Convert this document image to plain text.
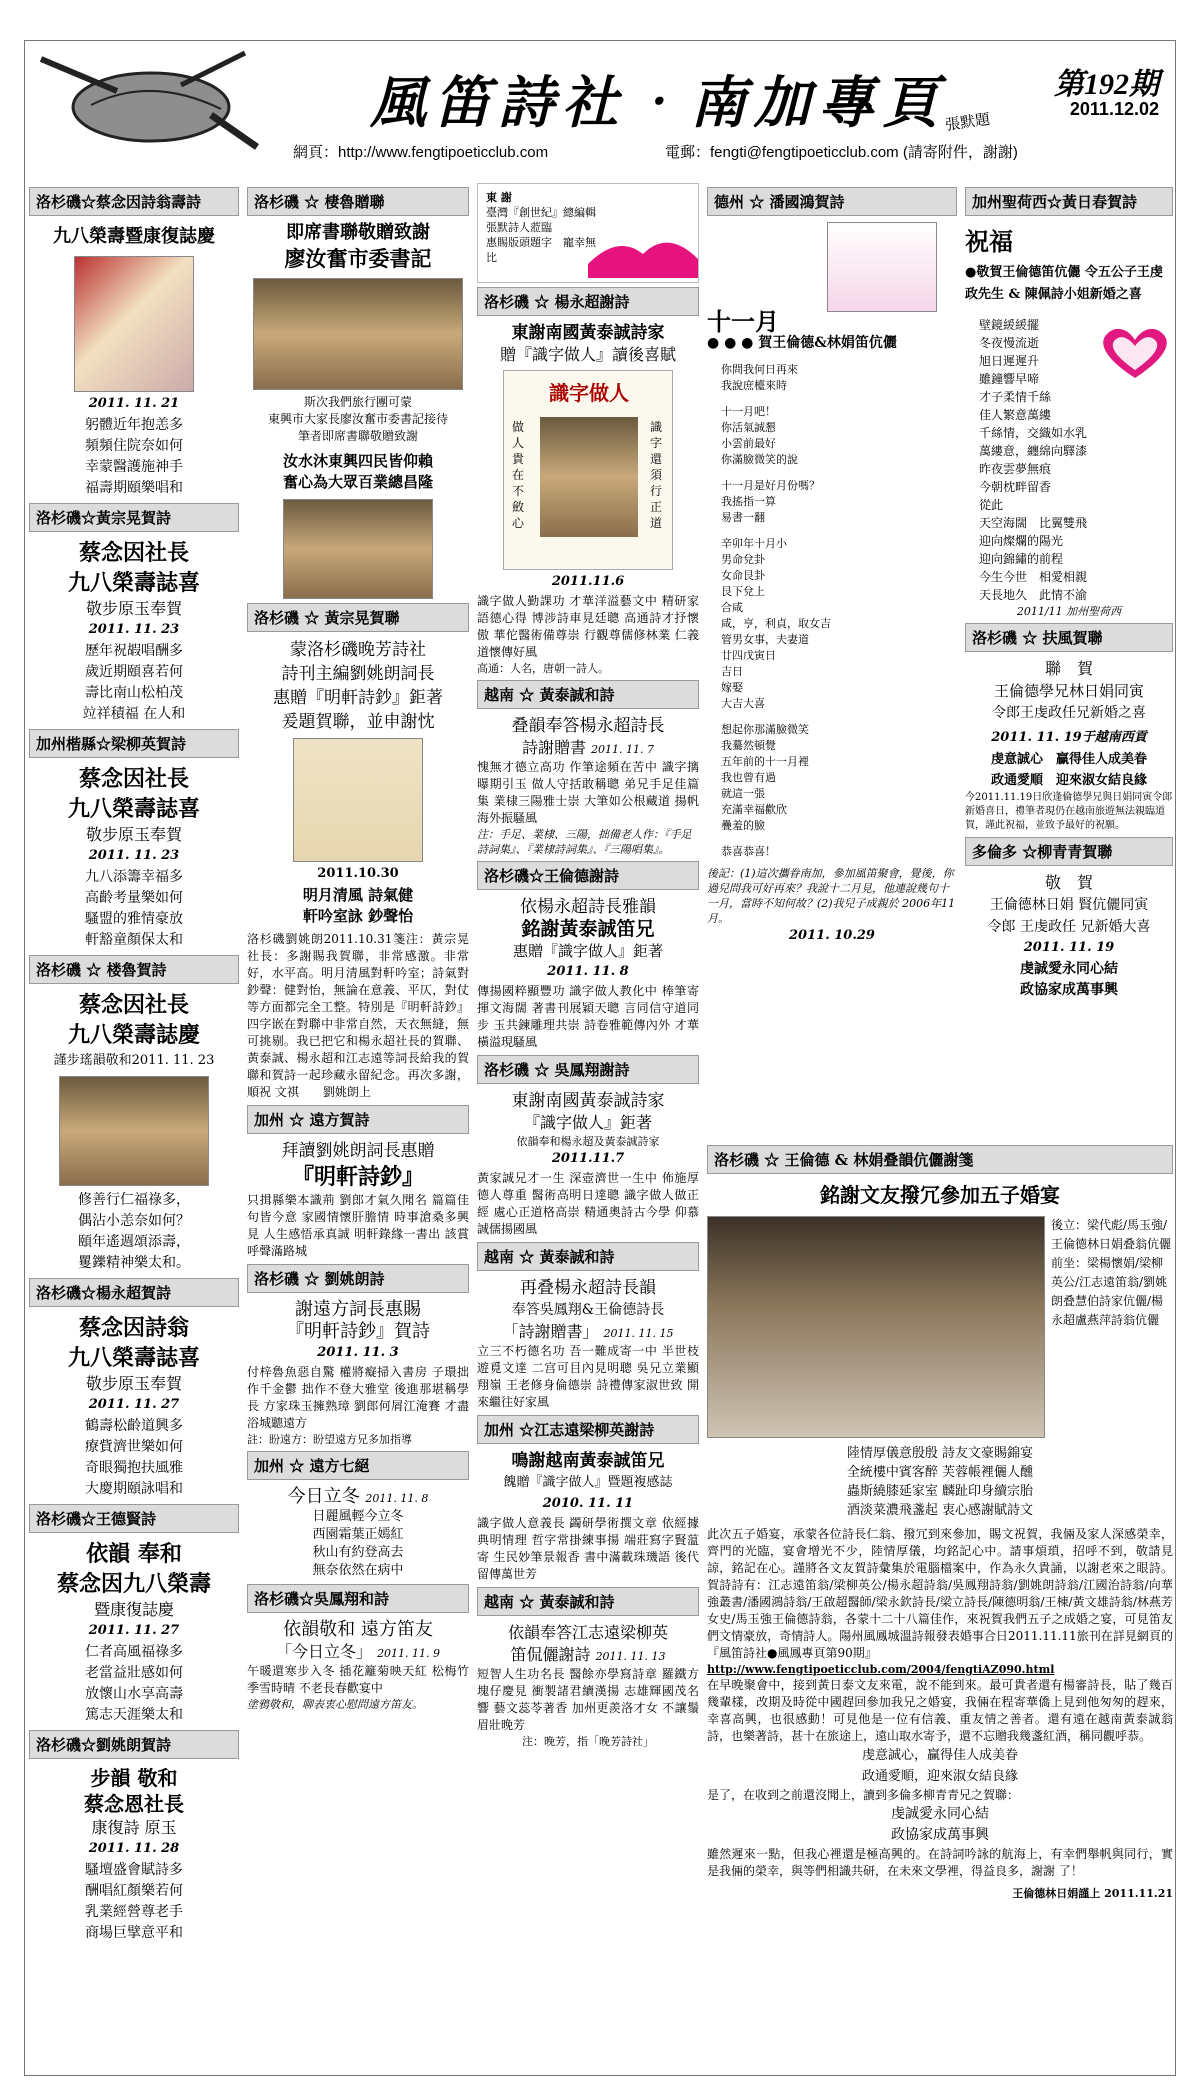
風笛詩社‧南加專頁
張默題
第192期
2011.12.02
網頁：http://www.fengtipoeticclub.com	電郵：fengti@fengtipoeticclub.com (請寄附件，謝謝)
洛杉磯☆蔡念因詩翁壽詩
九八榮壽暨康復誌慶
2011. 11. 21
躬體近年抱恙多
頻頻住院奈如何
幸蒙醫護施神手
福壽期頤樂唱和
洛杉磯☆黃宗晃賀詩
蔡念因社長
九八榮壽誌喜
敬步原玉奉賀
2011. 11. 23
歷年祝嘏唱酬多
歲近期頤喜若何
壽比南山松柏茂
竝祥積福 在人和
加州楷縣☆梁柳英賀詩
蔡念因社長
九八榮壽誌喜
敬步原玉奉賀
2011. 11. 23
九八添籌幸福多
高齡考量樂如何
騷盟的雅情豪放
軒豁童顏保太和
洛杉磯 ☆ 楼魯賀詩
蔡念因社長
九八榮壽誌慶
謹步瑤韻敬和2011. 11. 23
修善行仁福祿多，
偶沾小恙奈如何？
頤年遙週頌添壽，
矍鑠精神樂太和。
洛杉磯☆楊永超賀詩
蔡念因詩翁
九八榮壽誌喜
敬步原玉奉賀
2011. 11. 27
鶴壽松齡道興多
療貲濟世樂如何
奇眼獨抱扶風雅
大慶期頤詠唱和
洛杉磯☆王德賢詩
依韻 奉和
蔡念因九八榮壽
暨康復誌慶
2011. 11. 27
仁者高風福祿多
老當益壯感如何
放懷山水享高壽
篤志天涯樂太和
洛杉磯☆劉姚朗賀詩
步韻 敬和
蔡念恩社長
康復詩 原玉
2011. 11. 28
騷壇盛會賦詩多
酬唱紅顏樂若何
乳業經營尊老手
商場巨擘意平和
洛杉磯 ☆ 棲魯贈聯
即席書聯敬贈致謝
廖汝奮市委書記
斯次我們旅行團可蒙
東興市大家長廖汝奮市委書記接待
筆者即席書聯敬贈致謝
汝水沐東興四民皆仰賴
奮心為大眾百業總昌隆
洛杉磯 ☆ 黃宗晃賀聯
蒙洛杉磯晚芳詩社
詩刊主編劉姚朗詞長
惠贈『明軒詩鈔』鉅著
爰題賀聯，並申謝忱
2011.10.30
明月清風 詩氣健
軒吟室詠 鈔聲怡

洛杉磯劉姚朗2011.10.31箋注：黃宗晃社長：多謝賜我賀聯，非常感激。非常好，水平高。明月清風對軒吟室；詩氣對鈔聲：健對怡，無論在意義、平仄，對仗等方面都完全工整。特別是『明軒詩鈔』四字嵌在對聯中非常自然，天衣無縫，無可挑剔。我已把它和楊永超社長的賀聯、黃泰誠、楊永超和江志遠等詞長給我的賀聯和賀詩一起珍藏永留紀念。再次多謝，順祝 文祺　　劉姚朗上

加州 ☆ 遠方賀詩
拜讀劉姚朗詞長惠贈
『明軒詩鈔』

只揖縣樂本識荊 劉郎才氣久聞名 篇篇佳句皆今意 家國情懷肝膽情 時事滄桑多興見 人生感悟承真誠 明軒錄緣一書出 該賞呼聲滿路城

洛杉磯 ☆ 劉姚朗詩
謝遠方詞長惠賜
『明軒詩鈔』賀詩
2011. 11. 3

付梓魯魚惡自驚 權將癡掃入書房 子環拙作千金鬱 拙作不登大雅堂 後進那堪稱學長 方家珠玉擁熟璋 劉郎何屑江淹賽 才盡浴城聽遠方

註：盼遠方：盼望遠方兄多加指導
加州 ☆ 遠方七絕
今日立冬 2011. 11. 8
日麗風輕今立冬
西園霜葉正嫣紅
秋山有約登高去
無奈依然在病中
洛杉磯☆吳鳳翔和詩
依韻敬和 遠方笛友
「今日立冬」 2011. 11. 9

午暖還寒步入冬 插花籬菊映天紅 松梅竹季雪時晴 不老長春歡宴中

塗鴉敬和，聊表衷心慰問遠方笛友。
東 謝
臺灣『創世紀』總編輯
張默詩人蒞臨
惠賜版頭題字　寵幸無比
洛杉磯 ☆ 楊永超謝詩
東謝南國黃泰誠詩家
贈『識字做人』讀後喜賦
識字做人
做人貴在不斂心
識字還須行正道
2011.11.6

識字做人勤課功 才華洋溢藝文中 精研家語德心得 博涉詩車見廷聰 高通詩才抒懷傲 華佗醫術備尊崇 行觀尊儒修林業 仁義道懷傳好風

高通：人名，唐朝一詩人。
越南 ☆ 黃泰誠和詩
叠韻奉答楊永超詩長
詩謝贈書 2011. 11. 7

愧無才德立高功 作筆途頻在苦中 識字摛曝期引玉 做人守括敢稱聰 弟兄手足佳篇集 業棣三陽雅士崇 大筆如公根藏道 揚帆海外振騷風

注：手足、業棣、三陽，拙備老人作：『手足詩詞集』、『業棣詩詞集』、『三陽唱集』。
洛杉磯☆王倫德謝詩
依楊永超詩長雅韻
銘謝黃泰誠笛兄
惠贈『識字做人』鉅著
2011. 11. 8

傳揚國粹顯豐功 識字做人教化中 棒筆寄揮文海闊 著書刊展穎天聰 言同信守道同步 玉共鍊雕理共崇 詩卷雅範傳內外 才華橫溢現騷風

洛杉磯 ☆ 吳鳳翔謝詩
東謝南國黃泰誠詩家
『識字做人』鉅著
依韻奉和楊永超及黃泰誠詩家
2011.11.7

黃家誠兄才一生 深壺濟世一生中 佈施厚德人尊重 醫術高明日達聰 識字做人做正經 處心正道格高崇 精通奧詩古今學 仰慕誠儒揚國風

越南 ☆ 黃泰誠和詩
再叠楊永超詩長韻
奉答吳鳳翔&王倫德詩長
「詩謝贈書」 2011. 11. 15

立三不朽德名功 吾一難成寄一中 半世枝遊覓文達 二宫可目內見明聰 吳兄立業顯翔嶺 王老修身倫德崇 詩禮傳家淑世致 開來繼往好家風

加州 ☆江志遠梁柳英謝詩
鳴謝越南黃泰誠笛兄
餽贈『識字做人』暨題複感誌
2010. 11. 11

識字做人意義長 蠲研學術撰文章 依經據典明情理 哲字常掛練事揚 端莊寫字賢蕰寄 生民妙筆景報香 書中滿載珠璣語 後代留傳萬世芳

越南 ☆ 黃泰誠和詩
依韻奉答江志遠梁柳英
笛侃儷謝詩 2011. 11. 13

短智人生功名長 醫餘亦學寫詩章 羅鐵方塊仔慶見 衝製諸君續漢揚 志雄輝國茂名響 藝文蕊苓著香 加州更羨洛才女 不讓鬚眉壯晚芳

注：晚芳，指「晚芳詩社」
德州 ☆ 潘國鴻賀詩
十一月
● ● ● 賀王倫德&林娟笛伉儷
你問我何日再來
我說庶檯來時
十一月吧！
你活氣誠懇
小雲前最好
你滿臉微笑的說
十一月是好月份嗎？
我搖指一算
易書一翻
辛卯年十月小
男命兌卦
女命艮卦
艮下兌上
合咸
咸，亨，利貞，取女吉
管男女事，夫妻道
廿四戊寅日
吉日
嫁娶
大吉大喜
想起你那滿臉微笑
我驀然頓覺
五年前的十一月裡
我也曾有過
就這一張
充滿幸福歡欣
疊羞的臉
恭喜恭喜！

後記：(1)這次攜眷南加，參加風笛聚會，覺後，你過兒問我可好再來？我說十二月見，他連說幾句十一月，當時不知何故？(2)我兒子成親於 2006年11月。

2011. 10.29
加州聖荷西☆黃日春賀詩
祝福
●敬賀王倫德笛伉儷 令五公子王虔政先生 & 陳佩詩小姐新婚之喜
壁鏡緩緩擺
冬夜慢流逝
旭日遲遲升
雖鐘響早啼
才子柔情千絲
佳人繁意萬縷
千絲情，交織如水乳
萬縷意，纏綿向驛漆
昨夜雲夢無痕
今朝枕畔留香
從此
天空海闊　比翼雙飛
迎向燦爛的陽光
迎向錦繡的前程
今生今世　相愛相親
天長地久　此情不渝
2011/11 加州聖荷西
洛杉磯 ☆ 扶風賀聯
聯　賀
王倫德學兄林日娟同寅
令郎王虔政任兄新婚之喜
2011. 11. 19于越南西貢
虔意誠心　贏得佳人成美眷
政通愛順　迎來淑女結良緣

今2011.11.19日欣逢倫德學兄與日娟同寅令郎新婚喜日，禮筆者現仍在越南旅遊無法親臨道賀，謹此祝福，並致予最好的祝願。

多倫多 ☆柳青青賀聯
敬　賀
王倫德林日娟 賢伉儷同寅
令郎 王虔政任 兄新婚大喜
2011. 11. 19
虔誠愛永同心結
政協家成萬事興
洛杉磯 ☆ 王倫德 & 林娟叠韻伉儷謝箋
銘謝文友撥冗參加五子婚宴
後立：梁代彪/馬玉強/王倫德林日娟叠翁伉儷前坐：梁楊懷娟/梁柳英公/江志遠笛翁/劉姚朗叠慧伯詩家伉儷/楊永超盧燕萍詩翁伉儷
陸情厚儀意殷殷 詩友文豪賜錦宴
全統樓中賓客醉 芙蓉帳裡儷人醺
蟲斯繞膝延家室 麟趾印身續宗胎
酒淡菜濃飛盞起 衷心感謝賦詩文

此次五子婚宴，承蒙各位詩長仁翁、撥冗到來參加，賜文祝賀，我倆及家人深感榮幸，齊門的光臨，宴會增光不少，陸情厚儀，均銘記心中。請事煩瑣，招呼不到，敬請見諒，銘記在心。謹將各文友賀詩彙集於電腦檔案中，作為永久貴誦，以謝老來之眼詩。賀詩詩有：江志遠笛翁/梁柳英公/楊永超詩翁/吳鳳翔詩翁/劉姚朗詩翁/江國治詩翁/向華強叢書/潘國鴻詩翁/王啟超醫師/梁永欽詩長/梁立詩長/陳德明翁/王棟/黃文雄詩翁/林燕芳女史/馬玉強王倫德詩翁，各蒙十二十八篇佳作，來祝賀我們五子之成婚之宴，可見笛友們文情豪放，奇情詩人。陽州風鳳城溫詩報發表婚事合日2011.11.11旅刊在詳見網頁的『風笛詩社●風鳳專頁第90期』

http://www.fengtipoeticclub.com/2004/fengtiAZ090.html

在早晚聚會中，接到黃日泰文友來電，說不能到來。最可貴者還有楊審詩長，貼了幾百幾輩樣，改期及時從中國趕回參加我兄之婚宴，我倆在程寄華僑上見到他匆匆的趕來，幸喜高興，也很感動！可見他是一位有信義、重友情之善者。還有遠在越南黃泰誠翁詩，也樂著詩，甚十在旅途上，遠山取水寄予，還不忘贈我幾盞紅酒，稱同觀呼恭。

虔意誠心，贏得佳人成美眷
政通愛順，迎來淑女結良緣

是了，在收到之前還沒聞上，讀到多倫多柳青青兄之賀聯：

虔誠愛永同心結
政協家成萬事興

雖然遲來一點，但我心裡還是極高興的。在詩詞吟詠的航海上，有幸們舉帆與同行，實是我倆的榮幸，與等們相識共研，在未來文學裡，得益良多，謝謝 了！

王倫德林日娟謹上 2011.11.21
